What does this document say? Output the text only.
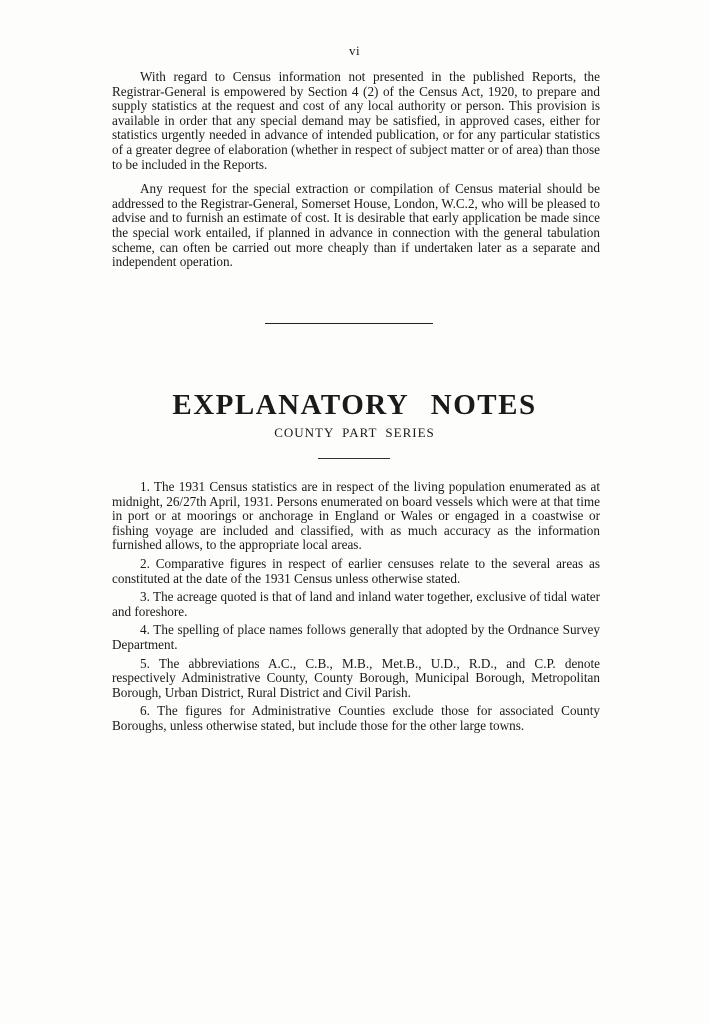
vi

With regard to Census information not presented in the published Reports, the Registrar-General is empowered by Section 4 (2) of the Census Act, 1920, to prepare and supply statistics at the request and cost of any local authority or person. This provision is available in order that any special demand may be satisfied, in approved cases, either for statistics urgently needed in advance of intended publication, or for any particular statistics of a greater degree of elaboration (whether in respect of subject matter or of area) than those to be included in the Reports.

Any request for the special extraction or compilation of Census material should be addressed to the Registrar-General, Somerset House, London, W.C.2, who will be pleased to advise and to furnish an estimate of cost. It is desirable that early application be made since the special work entailed, if planned in advance in connection with the general tabulation scheme, can often be carried out more cheaply than if undertaken later as a separate and independent operation.

EXPLANATORY NOTES
COUNTY PART SERIES

1. The 1931 Census statistics are in respect of the living population enumerated as at midnight, 26/27th April, 1931. Persons enumerated on board vessels which were at that time in port or at moorings or anchorage in England or Wales or engaged in a coastwise or fishing voyage are included and classified, with as much accuracy as the information furnished allows, to the appropriate local areas.

2. Comparative figures in respect of earlier censuses relate to the several areas as constituted at the date of the 1931 Census unless otherwise stated.

3. The acreage quoted is that of land and inland water together, exclusive of tidal water and foreshore.

4. The spelling of place names follows generally that adopted by the Ordnance Survey Department.

5. The abbreviations A.C., C.B., M.B., Met.B., U.D., R.D., and C.P. denote respectively Administrative County, County Borough, Municipal Borough, Metropolitan Borough, Urban District, Rural District and Civil Parish.

6. The figures for Administrative Counties exclude those for associated County Boroughs, unless otherwise stated, but include those for the other large towns.
